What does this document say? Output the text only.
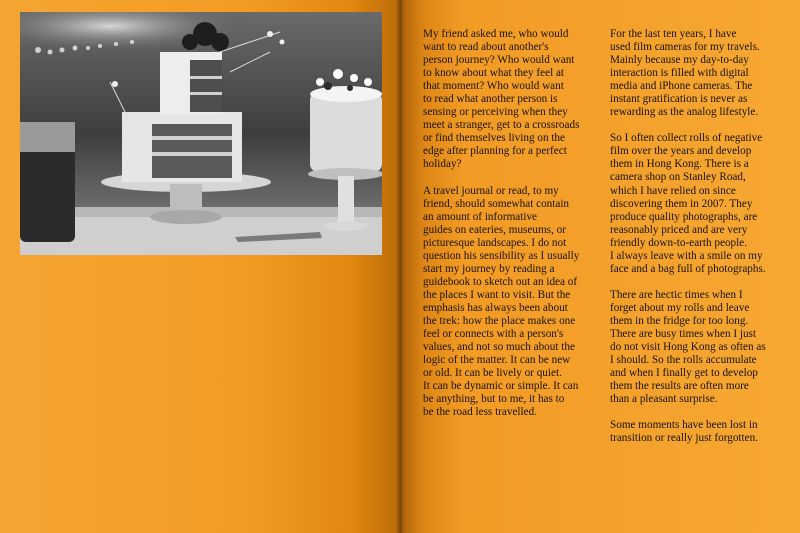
My friend asked me, who would
want to read about another's
person journey? Who would want
to know about what they feel at
that moment? Who would want
to read what another person is
sensing or perceiving when they
meet a stranger, get to a crossroads
or find themselves living on the
edge after planning for a perfect
holiday?

A travel journal or read, to my
friend, should somewhat contain
an amount of informative
guides on eateries, museums, or
picturesque landscapes. I do not
question his sensibility as I usually
start my journey by reading a
guidebook to sketch out an idea of
the places I want to visit. But the
emphasis has always been about
the trek: how the place makes one
feel or connects with a person's
values, and not so much about the
logic of the matter. It can be new
or old. It can be lively or quiet.
It can be dynamic or simple. It can
be anything, but to me, it has to
be the road less travelled.

For the last ten years, I have
used film cameras for my travels.
Mainly because my day-to-day
interaction is filled with digital
media and iPhone cameras. The
instant gratification is never as
rewarding as the analog lifestyle.

So I often collect rolls of negative
film over the years and develop
them in Hong Kong. There is a
camera shop on Stanley Road,
which I have relied on since
discovering them in 2007. They
produce quality photographs, are
reasonably priced and are very
friendly down-to-earth people.
I always leave with a smile on my
face and a bag full of photographs.

There are hectic times when I
forget about my rolls and leave
them in the fridge for too long.
There are busy times when I just
do not visit Hong Kong as often as
I should. So the rolls accumulate
and when I finally get to develop
them the results are often more
than a pleasant surprise.

Some moments have been lost in
transition or really just forgotten.
